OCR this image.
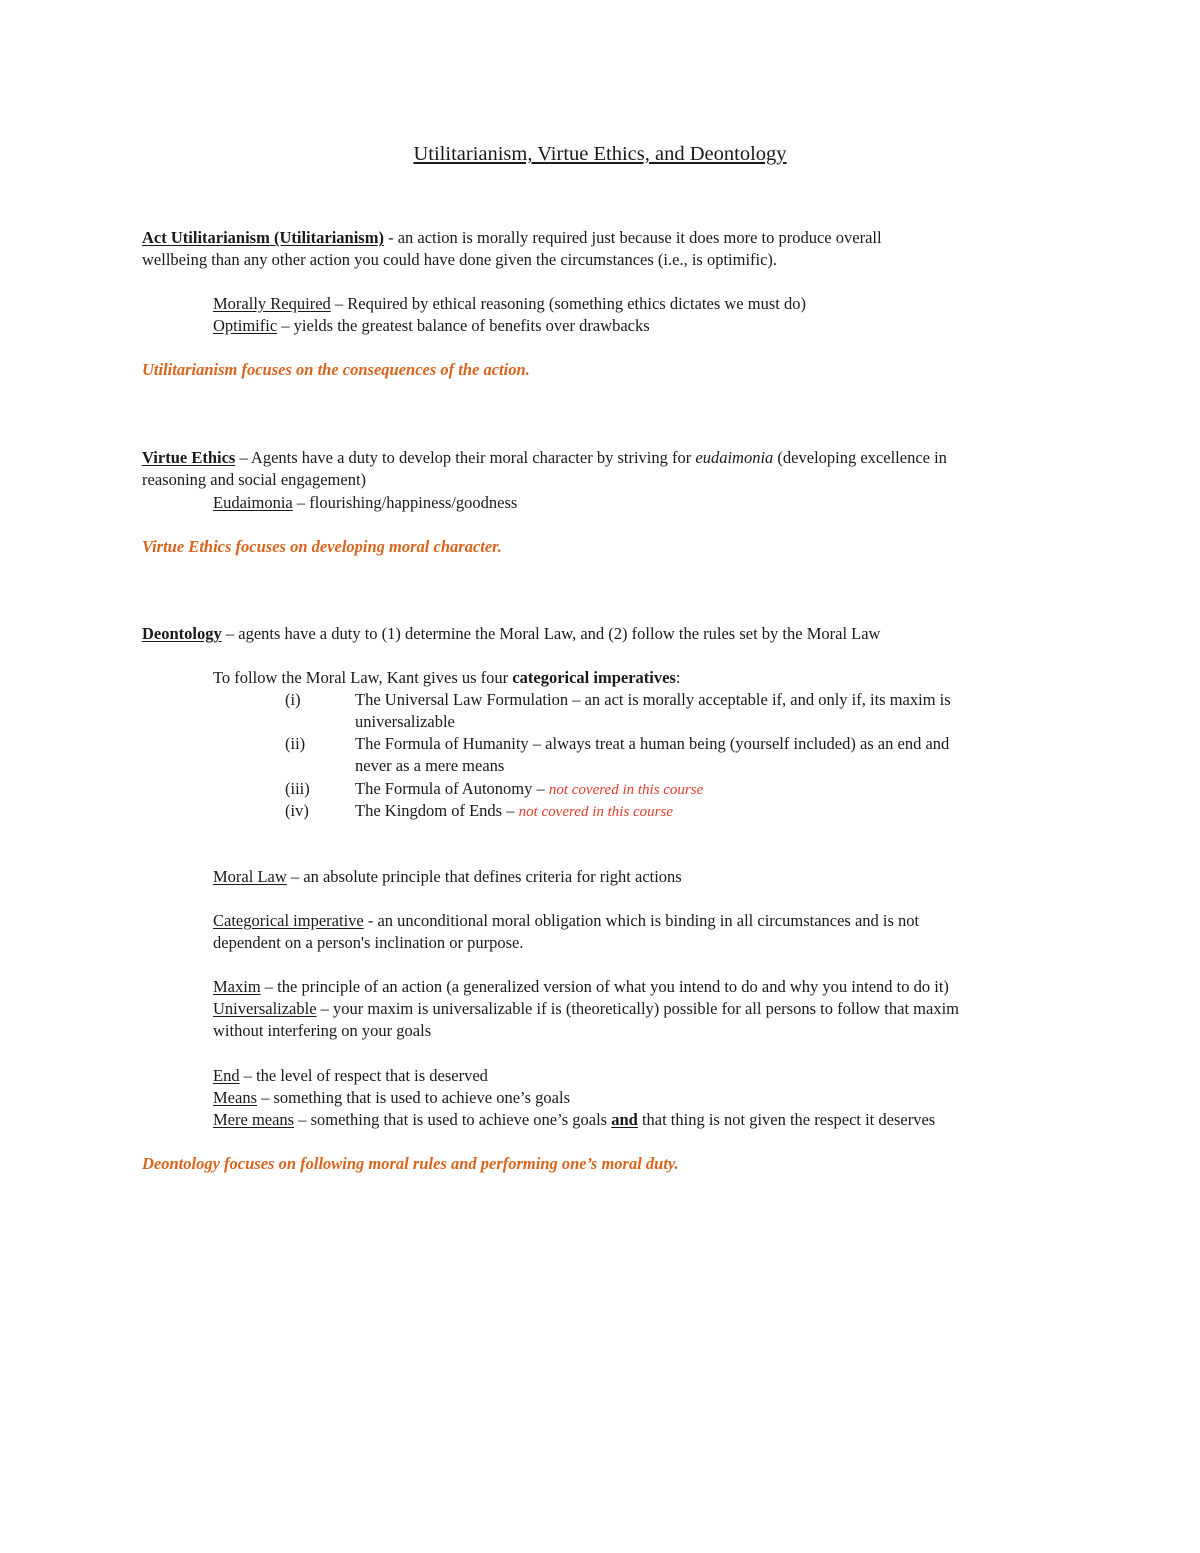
Utilitarianism, Virtue Ethics, and Deontology
Act Utilitarianism (Utilitarianism) - an action is morally required just because it does more to produce overall
wellbeing than any other action you could have done given the circumstances (i.e., is optimific).
Morally Required – Required by ethical reasoning (something ethics dictates we must do)
Optimific – yields the greatest balance of benefits over drawbacks
Utilitarianism focuses on the consequences of the action.
Virtue Ethics – Agents have a duty to develop their moral character by striving for eudaimonia (developing excellence in
reasoning and social engagement)
Eudaimonia – flourishing/happiness/goodness
Virtue Ethics focuses on developing moral character.
Deontology – agents have a duty to (1) determine the Moral Law, and (2) follow the rules set by the Moral Law
To follow the Moral Law, Kant gives us four categorical imperatives:
(i)	The Universal Law Formulation – an act is morally acceptable if, and only if, its maxim is
universalizable
(ii)	The Formula of Humanity – always treat a human being (yourself included) as an end and
never as a mere means
(iii)	The Formula of Autonomy – not covered in this course
(iv)	The Kingdom of Ends – not covered in this course
Moral Law – an absolute principle that defines criteria for right actions
Categorical imperative - an unconditional moral obligation which is binding in all circumstances and is not
dependent on a person's inclination or purpose.
Maxim – the principle of an action (a generalized version of what you intend to do and why you intend to do it)
Universalizable – your maxim is universalizable if is (theoretically) possible for all persons to follow that maxim
without interfering on your goals
End – the level of respect that is deserved
Means – something that is used to achieve one’s goals
Mere means – something that is used to achieve one’s goals and that thing is not given the respect it deserves
Deontology focuses on following moral rules and performing one’s moral duty.
